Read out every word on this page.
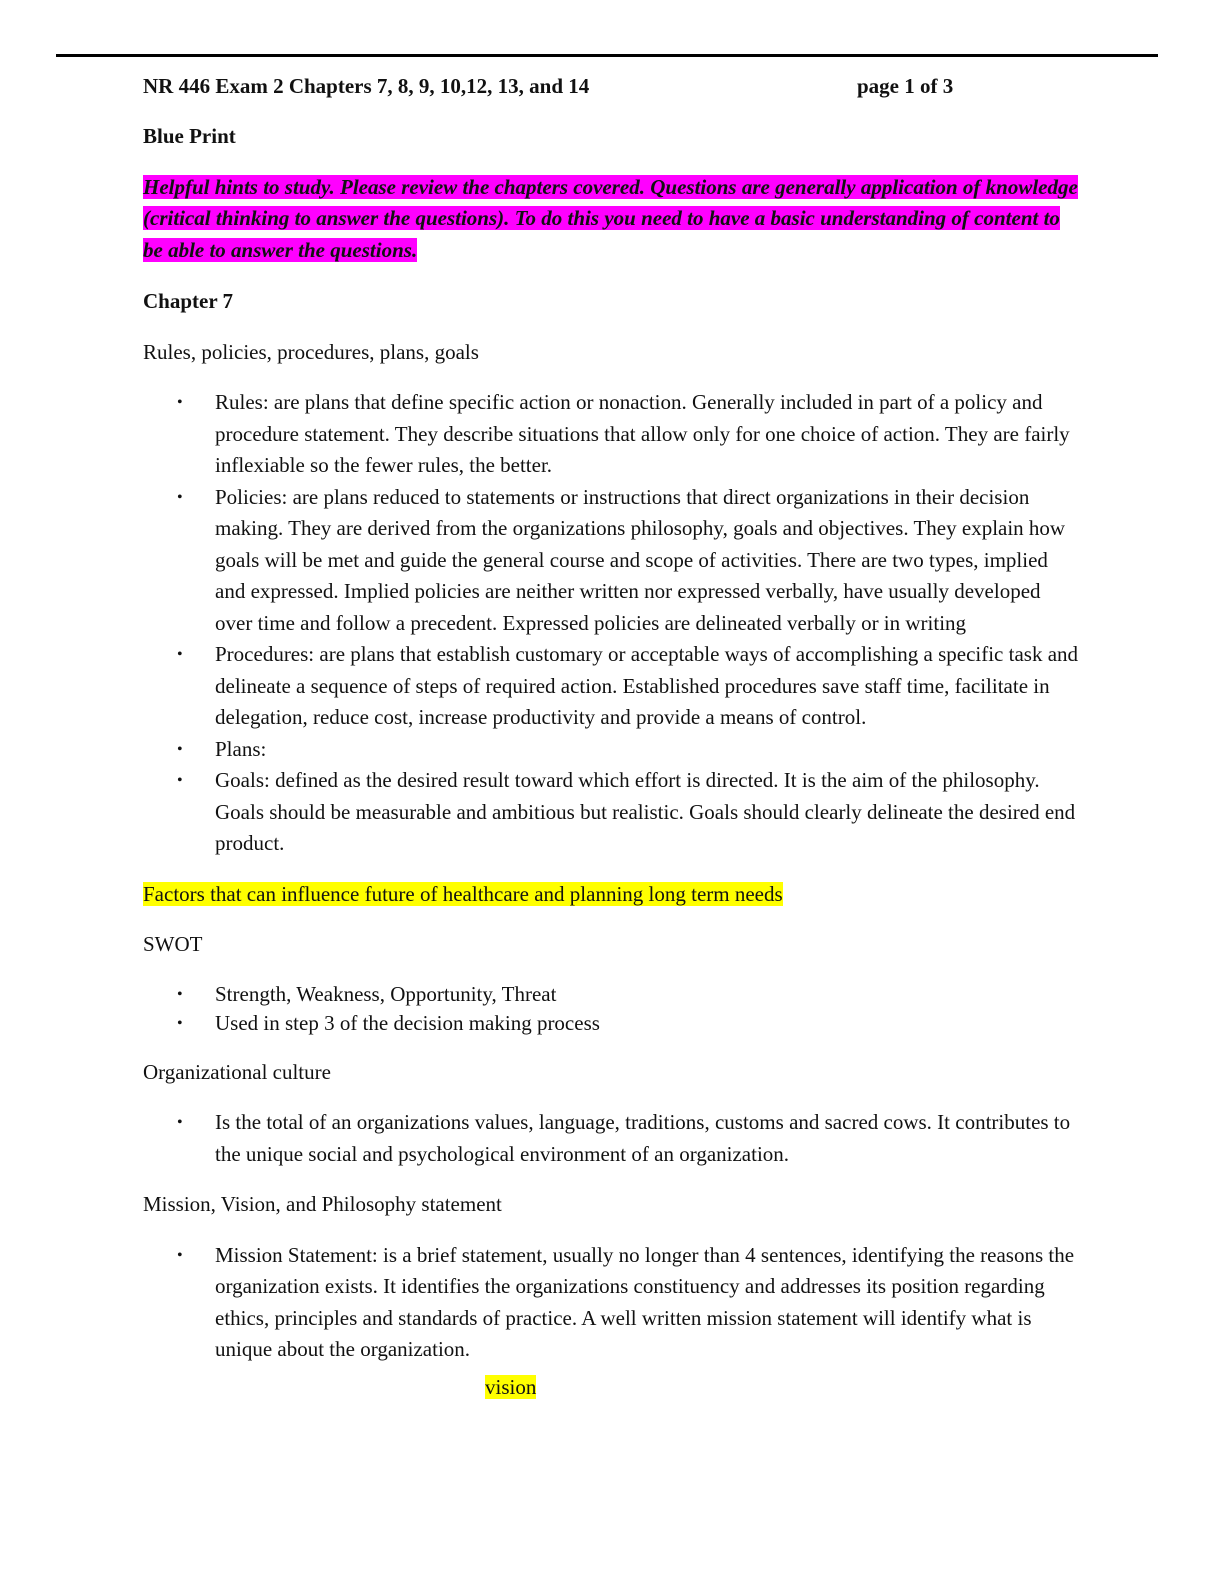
NR 446 Exam 2 Chapters 7, 8, 9, 10,12, 13, and 14	page 1 of 3

Blue Print

Helpful hints to study. Please review the chapters covered. Questions are generally application of knowledge (critical thinking to answer the questions). To do this you need to have a basic understanding of content to be able to answer the questions.

Chapter 7

Rules, policies, procedures, plans, goals

• Rules: are plans that define specific action or nonaction. Generally included in part of a policy and procedure statement. They describe situations that allow only for one choice of action. They are fairly inflexiable so the fewer rules, the better.
• Policies: are plans reduced to statements or instructions that direct organizations in their decision making. They are derived from the organizations philosophy, goals and objectives. They explain how goals will be met and guide the general course and scope of activities. There are two types, implied and expressed. Implied policies are neither written nor expressed verbally, have usually developed over time and follow a precedent. Expressed policies are delineated verbally or in writing
• Procedures: are plans that establish customary or acceptable ways of accomplishing a specific task and delineate a sequence of steps of required action. Established procedures save staff time, facilitate in delegation, reduce cost, increase productivity and provide a means of control.
• Plans:
• Goals: defined as the desired result toward which effort is directed. It is the aim of the philosophy. Goals should be measurable and ambitious but realistic. Goals should clearly delineate the desired end product.

Factors that can influence future of healthcare and planning long term needs

SWOT

• Strength, Weakness, Opportunity, Threat
• Used in step 3 of the decision making process

Organizational culture

• Is the total of an organizations values, language, traditions, customs and sacred cows. It contributes to the unique social and psychological environment of an organization.

Mission, Vision, and Philosophy statement

• Mission Statement: is a brief statement, usually no longer than 4 sentences, identifying the reasons the organization exists. It identifies the organizations constituency and addresses its position regarding ethics, principles and standards of practice. A well written mission statement will identify what is unique about the organization.

vision
